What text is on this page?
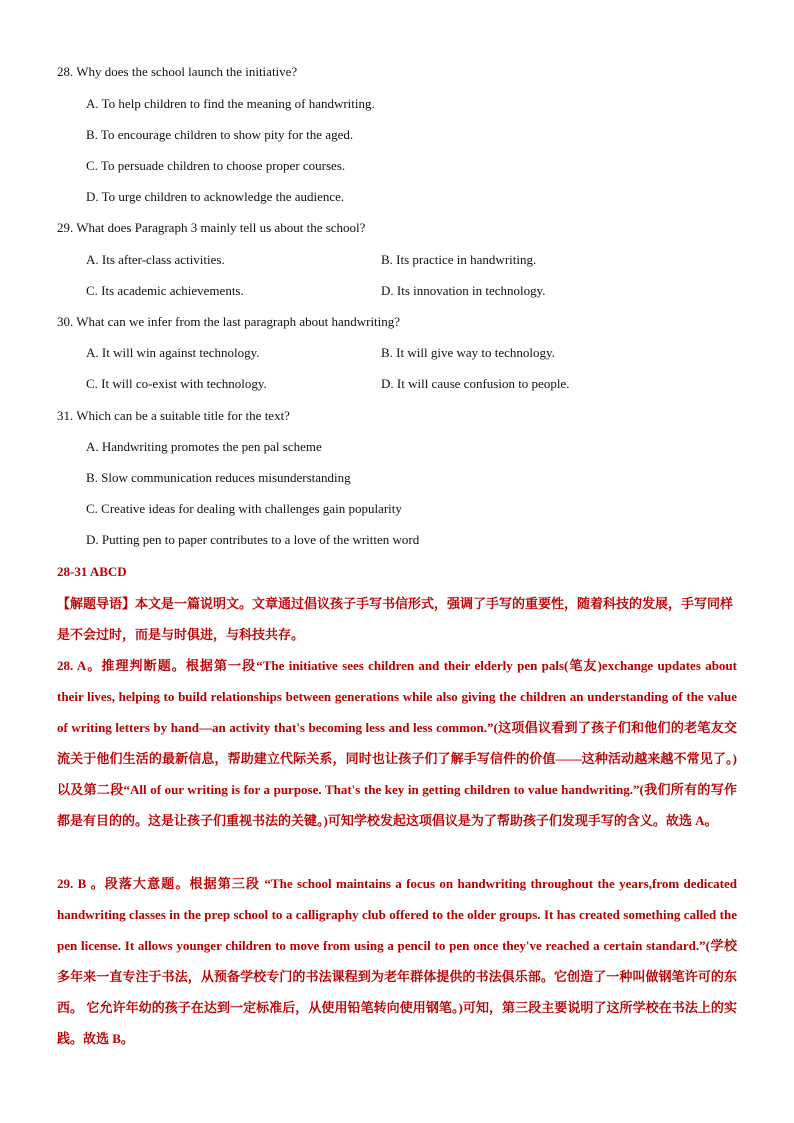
28. Why does the school launch the initiative?
A. To help children to find the meaning of handwriting.
B. To encourage children to show pity for the aged.
C. To persuade children to choose proper courses.
D. To urge children to acknowledge the audience.
29. What does Paragraph 3 mainly tell us about the school?
A. Its after-class activities.	B. Its practice in handwriting.
C. Its academic achievements.	D. Its innovation in technology.
30. What can we infer from the last paragraph about handwriting?
A. It will win against technology.	B. It will give way to technology.
C. It will co-exist with technology.	D. It will cause confusion to people.
31. Which can be a suitable title for the text?
A. Handwriting promotes the pen pal scheme
B. Slow communication reduces misunderstanding
C. Creative ideas for dealing with challenges gain popularity
D. Putting pen to paper contributes to a love of the written word
28-31 ABCD
【解题导语】本文是一篇说明文。文章通过倡议孩子手写书信形式，强调了手写的重要性，随着科技的发展，手写同样是不会过时，而是与时俱进，与科技共存。
28. A。推理判断题。根据第一段“The initiative sees children and their elderly pen pals(笔友)exchange updates about their lives, helping to build relationships between generations while also giving the children an understanding of the value of writing letters by hand—an activity that's becoming less and less common.”(这项倡议看到了孩子们和他们的老笔友交流关于他们生活的最新信息，帮助建立代际关系，同时也让孩子们了解手写信件的价值——这种活动越来越不常见了。)以及第二段“All of our writing is for a purpose. That's the key in getting children to value handwriting.”(我们所有的写作都是有目的的。这是让孩子们重视书法的关键。)可知学校发起这项倡议是为了帮助孩子们发现手写的含义。故选 A。
29. B 。段落大意题。根据第三段 “The school maintains a focus on handwriting throughout the years,from dedicated handwriting classes in the prep school to a calligraphy club offered to the older groups. It has created something called the pen license. It allows younger children to move from using a pencil to pen once they've reached a certain standard.”(学校多年来一直专注于书法，从预备学校专门的书法课程到为老年群体提供的书法俱乐部。它创造了一种叫做钢笔许可的东西。 它允许年幼的孩子在达到一定标准后，从使用铅笔转向使用钢笔。)可知，第三段主要说明了这所学校在书法上的实践。故选 B。
